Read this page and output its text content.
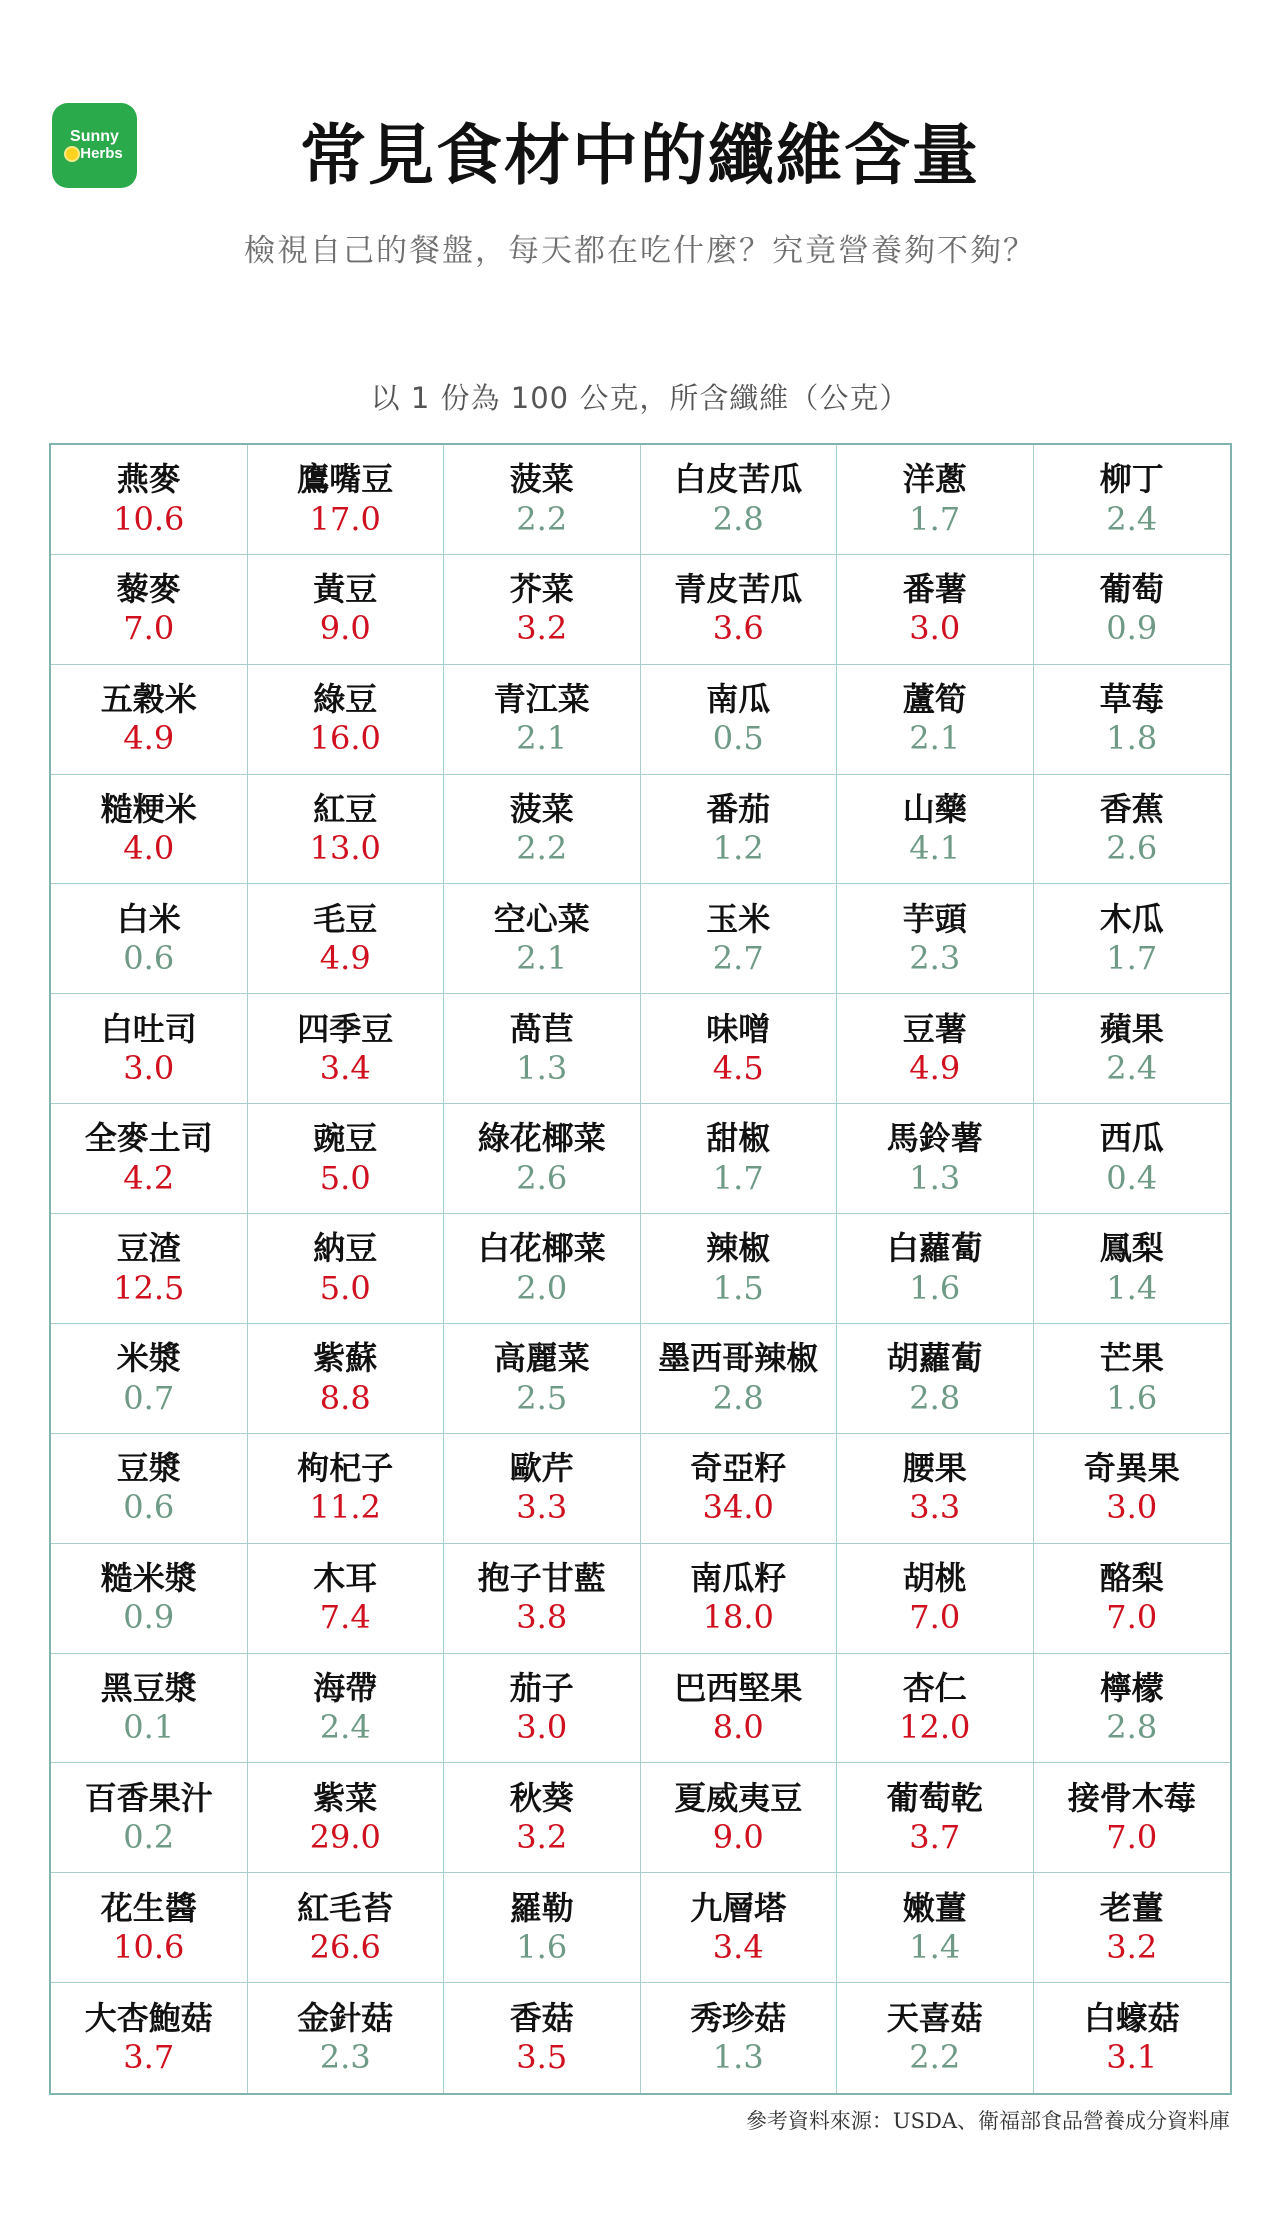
Sunny
Herbs	常見食材中的纖維含量
檢視自己的餐盤，每天都在吃什麼？究竟營養夠不夠？
以 1 份為 100 公克，所含纖維（公克）
燕麥
10.6
鷹嘴豆
17.0
菠菜
2.2
白皮苦瓜
2.8
洋蔥
1.7
柳丁
2.4
藜麥
7.0
黃豆
9.0
芥菜
3.2
青皮苦瓜
3.6
番薯
3.0
葡萄
0.9
五穀米
4.9
綠豆
16.0
青江菜
2.1
南瓜
0.5
蘆筍
2.1
草莓
1.8
糙粳米
4.0
紅豆
13.0
菠菜
2.2
番茄
1.2
山藥
4.1
香蕉
2.6
白米
0.6
毛豆
4.9
空心菜
2.1
玉米
2.7
芋頭
2.3
木瓜
1.7
白吐司
3.0
四季豆
3.4
萵苣
1.3
味噌
4.5
豆薯
4.9
蘋果
2.4
全麥土司
4.2
豌豆
5.0
綠花椰菜
2.6
甜椒
1.7
馬鈴薯
1.3
西瓜
0.4
豆渣
12.5
納豆
5.0
白花椰菜
2.0
辣椒
1.5
白蘿蔔
1.6
鳳梨
1.4
米漿
0.7
紫蘇
8.8
高麗菜
2.5
墨西哥辣椒
2.8
胡蘿蔔
2.8
芒果
1.6
豆漿
0.6
枸杞子
11.2
歐芹
3.3
奇亞籽
34.0
腰果
3.3
奇異果
3.0
糙米漿
0.9
木耳
7.4
抱子甘藍
3.8
南瓜籽
18.0
胡桃
7.0
酪梨
7.0
黑豆漿
0.1
海帶
2.4
茄子
3.0
巴西堅果
8.0
杏仁
12.0
檸檬
2.8
百香果汁
0.2
紫菜
29.0
秋葵
3.2
夏威夷豆
9.0
葡萄乾
3.7
接骨木莓
7.0
花生醬
10.6
紅毛苔
26.6
羅勒
1.6
九層塔
3.4
嫩薑
1.4
老薑
3.2
大杏鮑菇
3.7
金針菇
2.3
香菇
3.5
秀珍菇
1.3
天喜菇
2.2
白蠔菇
3.1
參考資料來源：USDA、衛福部食品營養成分資料庫
